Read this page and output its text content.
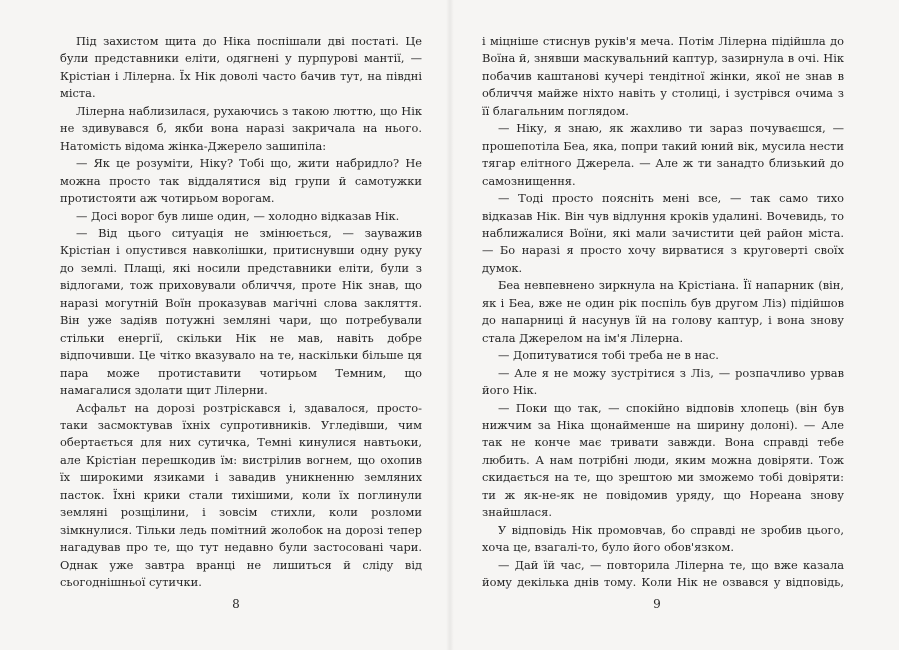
Під захистом щита до Ніка поспішали дві постаті. Це були представники еліти, одягнені у пурпурові мантії, — Крістіан і Лілерна. Їх Нік доволі часто бачив тут, на півдні міста.

Лілерна наблизилася, рухаючись з такою люттю, що Нік не здивувався б, якби вона наразі закричала на нього. Натомість відома жінка-Джерело зашипіла:

— Як це розуміти, Ніку? Тобі що, жити набридло? Не можна просто так віддалятися від групи й самотужки протистояти аж чотирьом ворогам.

— Досі ворог був лише один, — холодно відказав Нік.

— Від цього ситуація не змінюється, — зауважив Крістіан і опустився навколішки, притиснувши одну руку до землі. Плащі, які носили представники еліти, були з відлогами, тож приховували обличчя, проте Нік знав, що наразі могутній Воїн проказував магічні слова закляття. Він уже задіяв потужні земляні чари, що потребували стільки енергії, скільки Нік не мав, навіть добре відпочивши. Це чітко вказувало на те, наскільки більше ця пара може протиставити чотирьом Темним, що намагалися здолати щит Лілерни.

Асфальт на дорозі розтріскався і, здавалося, просто-таки засмоктував їхніх супротивників. Угледівши, чим обертається для них сутичка, Темні кинулися навтьоки, але Крістіан перешкодив їм: вистрілив вогнем, що охопив їх широкими язиками і завадив уникненню земляних пасток. Їхні крики стали тихішими, коли їх поглинули земляні розщілини, і зовсім стихли, коли розломи зімкнулися. Тільки ледь помітний жолобок на дорозі тепер нагадував про те, що тут недавно були застосовані чари. Однак уже завтра вранці не лишиться й сліду від сьогоднішньої сутички.

8

і міцніше стиснув руків'я меча. Потім Лілерна підійшла до Воїна й, знявши маскувальний каптур, зазирнула в очі. Нік побачив каштанові кучері тендітної жінки, якої не знав в обличчя майже ніхто навіть у столиці, і зустрівся очима з її благальним поглядом.

— Ніку, я знаю, як жахливо ти зараз почуваєшся, — прошепотіла Беа, яка, попри такий юний вік, мусила нести тягар елітного Джерела. — Але ж ти занадто близький до самознищення.

— Тоді просто поясніть мені все, — так само тихо відказав Нік. Він чув відлуння кроків удалині. Вочевидь, то наближалися Воїни, які мали зачистити цей район міста. — Бо наразі я просто хочу вирватися з круговерті своїх думок.

Беа невпевнено зиркнула на Крістіана. Її напарник (він, як і Беа, вже не один рік поспіль був другом Ліз) підійшов до напарниці й насунув їй на голову каптур, і вона знову стала Джерелом на ім'я Лілерна.

— Допитуватися тобі треба не в нас.

— Але я не можу зустрітися з Ліз, — розпачливо урвав його Нік.

— Поки що так, — спокійно відповів хлопець (він був нижчим за Ніка щонайменше на ширину долоні). — Але так не конче має тривати завжди. Вона справді тебе любить. А нам потрібні люди, яким можна довіряти. Тож скидається на те, що зрештою ми зможемо тобі довіряти: ти ж як-не-як не повідомив уряду, що Нореана знову знайшлася.

У відповідь Нік промовчав, бо справді не зробив цього, хоча це, взагалі-то, було його обов'язком.

— Дай їй час, — повторила Лілерна те, що вже казала йому декілька днів тому. Коли Нік не озвався у відповідь,

9
